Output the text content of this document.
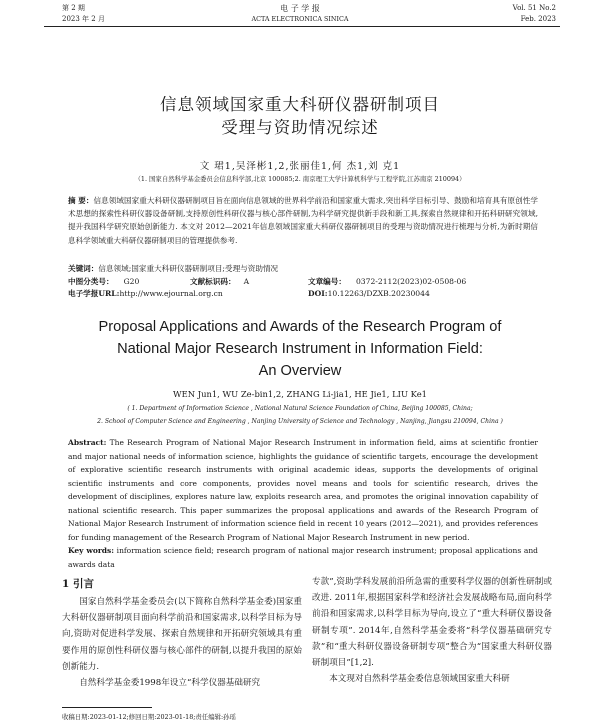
第 2 期
2023 年 2 月
电 子 学 报
ACTA ELECTRONICA SINICA
Vol. 51 No.2
Feb. 2023
信息领域国家重大科研仪器研制项目
受理与资助情况综述
文 珺1,吴泽彬1,2,张丽佳1,何 杰1,刘 克1
（1. 国家自然科学基金委员会信息科学部,北京 100085;2. 南京理工大学计算机科学与工程学院,江苏南京 210094）
摘 要：信息领域国家重大科研仪器研制项目旨在面向信息领域的世界科学前沿和国家重大需求,突出科学目标引导、鼓励和培育具有原创性学术思想的探索性科研仪器设备研制,支持原创性科研仪器与核心部件研制,为科学研究提供新手段和新工具,探索自然规律和开拓科研研究领域,提升我国科学研究原始创新能力. 本文对 2012—2021年信息领域国家重大科研仪器研制项目的受理与资助情况进行梳理与分析,为新时期信息科学领域重大科研仪器研制项目的管理提供参考.
关键词：信息领域;国家重大科研仪器研制项目;受理与资助情况
中图分类号： G20	文献标识码： A	文章编号： 0372-2112(2023)02-0508-06
电子学报URL:http://www.ejournal.org.cn	DOI:10.12263/DZXB.20230044
Proposal Applications and Awards of the Research Program of
National Major Research Instrument in Information Field:
An Overview
WEN Jun1, WU Ze-bin1,2, ZHANG Li-jia1, HE Jie1, LIU Ke1
( 1. Department of Information Science , National Natural Science Foundation of China, Beijing 100085, China;
2. School of Computer Science and Engineering , Nanjing University of Science and Technology , Nanjing, Jiangsu 210094, China )
Abstract: The Research Program of National Major Research Instrument in information field, aims at scientific frontier and major national needs of information science, highlights the guidance of scientific targets, encourage the development of explorative scientific research instruments with original academic ideas, supports the developments of original scientific instruments and core components, provides novel means and tools for scientific research, drives the development of disciplines, explores nature law, exploits research area, and promotes the original innovation capability of national scientific research. This paper summarizes the proposal applications and awards of the Research Program of National Major Research Instrument of information science field in recent 10 years (2012—2021), and provides references for funding management of the Research Program of National Major Research Instrument in new period.
Key words: information science field; research program of national major research instrument; proposal applications and awards data
1 引言

国家自然科学基金委员会(以下简称自然科学基金委)国家重大科研仪器研制项目面向科学前沿和国家需求,以科学目标为导向,资助对促进科学发展、探索自然规律和开拓研究领域具有重要作用的原创性科研仪器与核心部件的研制,以提升我国的原始创新能力.

自然科学基金委1998年设立“科学仪器基础研究

专款”,资助学科发展前沿所急需的重要科学仪器的创新性研制或改进. 2011年,根据国家科学和经济社会发展战略布局,面向科学前沿和国家需求,以科学目标为导向,设立了“重大科研仪器设备研制专项”. 2014年,自然科学基金委将“科学仪器基础研究专款”和“重大科研仪器设备研制专项”整合为“国家重大科研仪器研制项目”[1,2].

本文现对自然科学基金委信息领域国家重大科研

收稿日期:2023-01-12;修回日期:2023-01-18;责任编辑:孙瑶
